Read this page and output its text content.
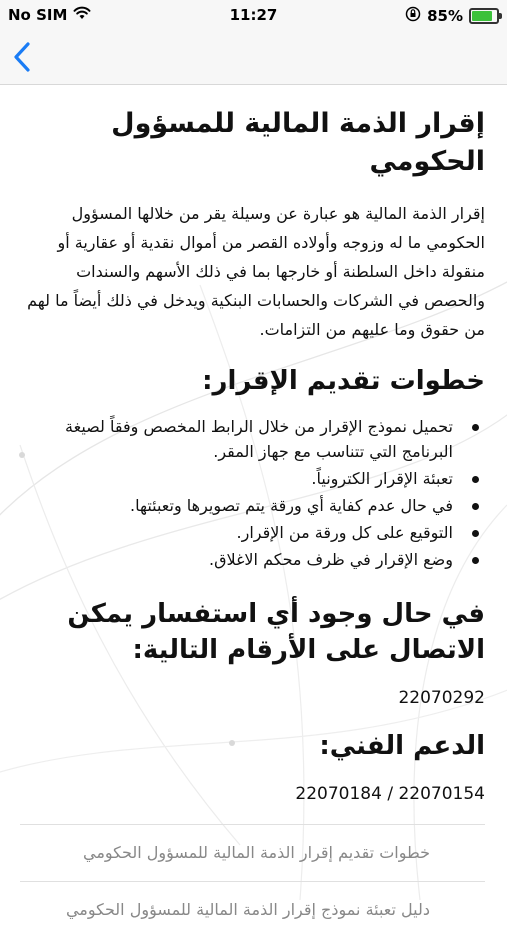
No SIM	11:27	85%
إقرار الذمة المالية للمسؤول الحكومي

إقرار الذمة المالية هو عبارة عن وسيلة يقر من خلالها المسؤول الحكومي ما له وزوجه وأولاده القصر من أموال نقدية أو عقارية أو منقولة داخل السلطنة أو خارجها بما في ذلك الأسهم والسندات والحصص في الشركات والحسابات البنكية ويدخل في ذلك أيضاً ما لهم من حقوق وما عليهم من التزامات.

خطوات تقديم الإقرار:
تحميل نموذج الإقرار من خلال الرابط المخصص وفقاً لصيغة البرنامج التي تتناسب مع جهاز المقر.
تعبئة الإقرار الكترونياً.
في حال عدم كفاية أي ورقة يتم تصويرها وتعبئتها.
التوقيع على كل ورقة من الإقرار.
وضع الإقرار في ظرف محكم الاغلاق.
في حال وجود أي استفسار يمكن الاتصال على الأرقام التالية:
22070292
الدعم الفني:
22070154 / 22070184
خطوات تقديم إقرار الذمة المالية للمسؤول الحكومي
دليل تعبئة نموذج إقرار الذمة المالية للمسؤول الحكومي
